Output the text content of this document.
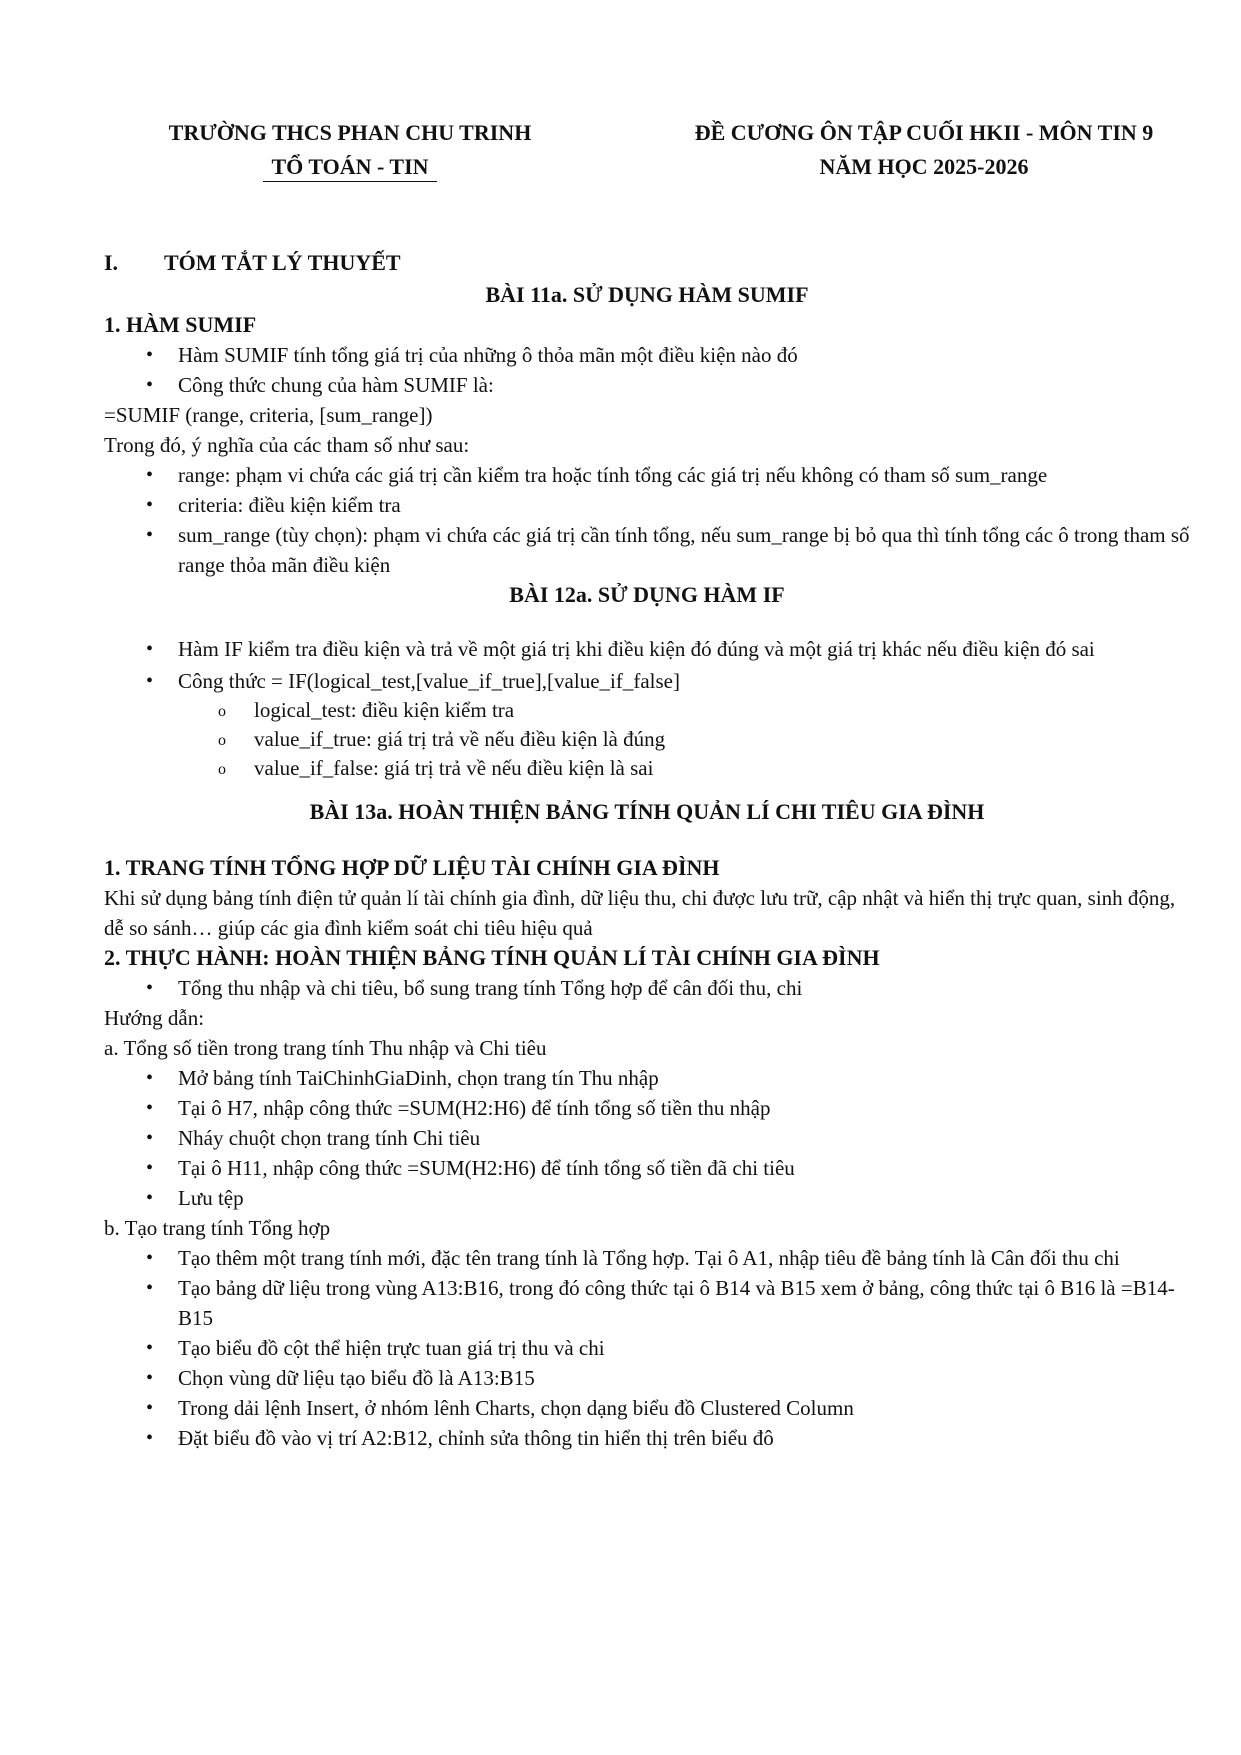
TRƯỜNG THCS PHAN CHU TRINH
TỔ TOÁN - TIN
ĐỀ CƯƠNG ÔN TẬP CUỐI HKII - MÔN TIN 9
NĂM HỌC 2025-2026
I. TÓM TẮT LÝ THUYẾT
BÀI 11a. SỬ DỤNG HÀM SUMIF
1. HÀM SUMIF
• Hàm SUMIF tính tổng giá trị của những ô thỏa mãn một điều kiện nào đó
• Công thức chung của hàm SUMIF là:
=SUMIF (range, criteria, [sum_range])
Trong đó, ý nghĩa của các tham số như sau:
• range: phạm vi chứa các giá trị cần kiểm tra hoặc tính tổng các giá trị nếu không có tham số sum_range
• criteria: điều kiện kiểm tra
• sum_range (tùy chọn): phạm vi chứa các giá trị cần tính tổng, nếu sum_range bị bỏ qua thì tính tổng các ô trong tham số range thỏa mãn điều kiện
BÀI 12a. SỬ DỤNG HÀM IF
• Hàm IF kiểm tra điều kiện và trả về một giá trị khi điều kiện đó đúng và một giá trị khác nếu điều kiện đó sai
• Công thức = IF(logical_test,[value_if_true],[value_if_false]
o logical_test: điều kiện kiểm tra
o value_if_true: giá trị trả về nếu điều kiện là đúng
o value_if_false: giá trị trả về nếu điều kiện là sai
BÀI 13a. HOÀN THIỆN BẢNG TÍNH QUẢN LÍ CHI TIÊU GIA ĐÌNH
1. TRANG TÍNH TỔNG HỢP DỮ LIỆU TÀI CHÍNH GIA ĐÌNH
Khi sử dụng bảng tính điện tử quản lí tài chính gia đình, dữ liệu thu, chi được lưu trữ, cập nhật và hiển thị trực quan, sinh động, dễ so sánh… giúp các gia đình kiểm soát chi tiêu hiệu quả
2. THỰC HÀNH: HOÀN THIỆN BẢNG TÍNH QUẢN LÍ TÀI CHÍNH GIA ĐÌNH
• Tổng thu nhập và chi tiêu, bổ sung trang tính Tổng hợp để cân đối thu, chi
Hướng dẫn:
a. Tổng số tiền trong trang tính Thu nhập và Chi tiêu
• Mở bảng tính TaiChinhGiaDinh, chọn trang tín Thu nhập
• Tại ô H7, nhập công thức =SUM(H2:H6) để tính tổng số tiền thu nhập
• Nháy chuột chọn trang tính Chi tiêu
• Tại ô H11, nhập công thức =SUM(H2:H6) để tính tổng số tiền đã chi tiêu
• Lưu tệp
b. Tạo trang tính Tổng hợp
• Tạo thêm một trang tính mới, đặc tên trang tính là Tổng hợp. Tại ô A1, nhập tiêu đề bảng tính là Cân đối thu chi
• Tạo bảng dữ liệu trong vùng A13:B16, trong đó công thức tại ô B14 và B15 xem ở bảng, công thức tại ô B16 là =B14-B15
• Tạo biểu đồ cột thể hiện trực tuan giá trị thu và chi
• Chọn vùng dữ liệu tạo biểu đồ là A13:B15
• Trong dải lệnh Insert, ở nhóm lênh Charts, chọn dạng biểu đồ Clustered Column
• Đặt biểu đồ vào vị trí A2:B12, chỉnh sửa thông tin hiển thị trên biểu đô
